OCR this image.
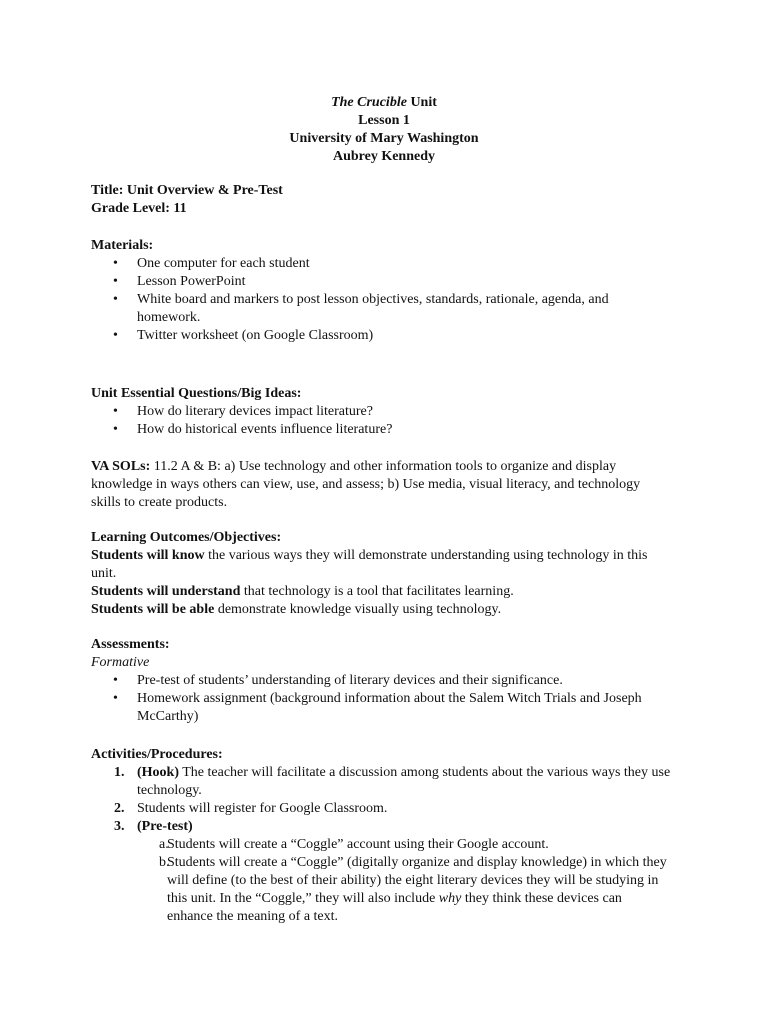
The Crucible Unit
Lesson 1
University of Mary Washington
Aubrey Kennedy
Title: Unit Overview & Pre-Test
Grade Level: 11
Materials:
• One computer for each student
• Lesson PowerPoint
• White board and markers to post lesson objectives, standards, rationale, agenda, and homework.
• Twitter worksheet (on Google Classroom)
Unit Essential Questions/Big Ideas:
• How do literary devices impact literature?
• How do historical events influence literature?
VA SOLs: 11.2 A & B: a) Use technology and other information tools to organize and display knowledge in ways others can view, use, and assess; b) Use media, visual literacy, and technology skills to create products.
Learning Outcomes/Objectives:
Students will know the various ways they will demonstrate understanding using technology in this unit.
Students will understand that technology is a tool that facilitates learning.
Students will be able demonstrate knowledge visually using technology.
Assessments:
Formative
• Pre-test of students’ understanding of literary devices and their significance.
• Homework assignment (background information about the Salem Witch Trials and Joseph McCarthy)
Activities/Procedures:
1. (Hook) The teacher will facilitate a discussion among students about the various ways they use technology.
2. Students will register for Google Classroom.
3. (Pre-test)
a.
Students will create a “Coggle” account using their Google account.
b.
Students will create a “Coggle” (digitally organize and display knowledge) in which they will define (to the best of their ability) the eight literary devices they will be studying in this unit. In the “Coggle,” they will also include why they think these devices can enhance the meaning of a text.
